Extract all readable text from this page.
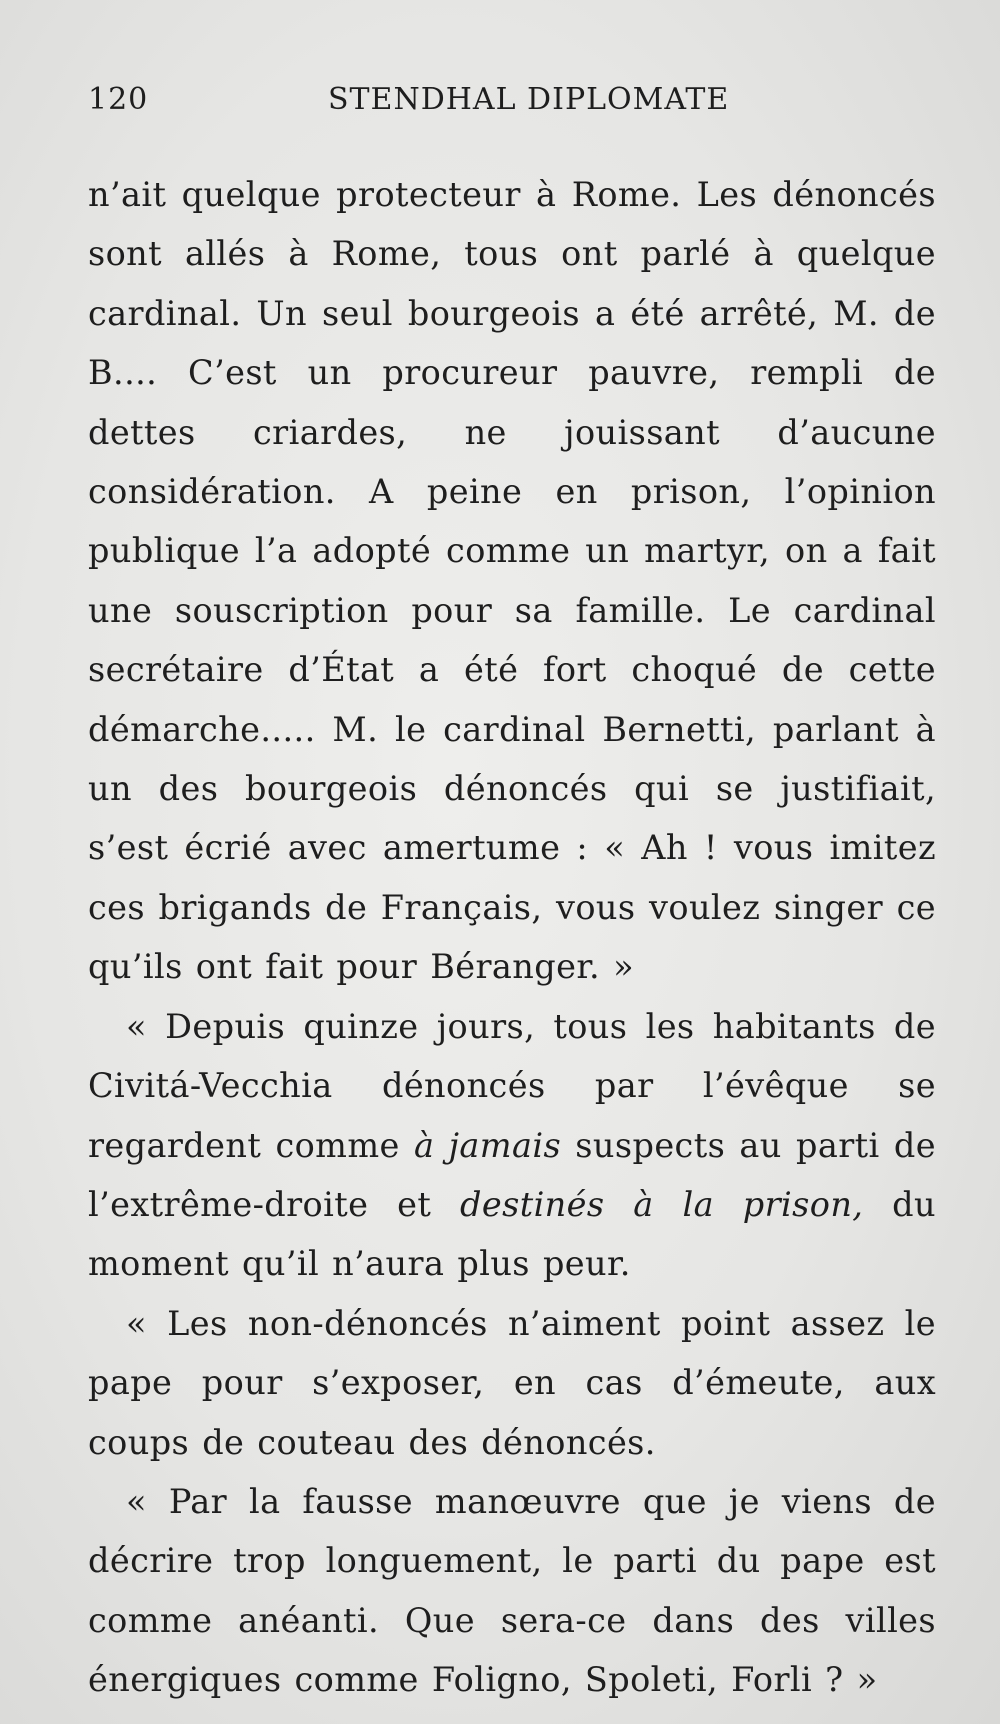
120	STENDHAL DIPLOMATE

n’ait quelque protecteur à Rome. Les dénoncés sont allés à Rome, tous ont parlé à quelque cardinal. Un seul bourgeois a été arrêté, M. de B.... C’est un procureur pauvre, rempli de dettes criardes, ne jouissant d’aucune considération. A peine en prison, l’opinion publique l’a adopté comme un martyr, on a fait une souscription pour sa famille. Le cardinal secrétaire d’État a été fort choqué de cette démarche..... M. le cardinal Bernetti, parlant à un des bourgeois dénoncés qui se justifiait, s’est écrié avec amertume : « Ah ! vous imitez ces brigands de Français, vous voulez singer ce qu’ils ont fait pour Béranger. »

« Depuis quinze jours, tous les habitants de Civitá-Vecchia dénoncés par l’évêque se regardent comme à jamais suspects au parti de l’extrême-droite et destinés à la prison, du moment qu’il n’aura plus peur.

« Les non-dénoncés n’aiment point assez le pape pour s’exposer, en cas d’émeute, aux coups de couteau des dénoncés.

« Par la fausse manœuvre que je viens de décrire trop longuement, le parti du pape est comme anéanti. Que sera-ce dans des villes énergiques comme Foligno, Spoleti, Forli ? »
